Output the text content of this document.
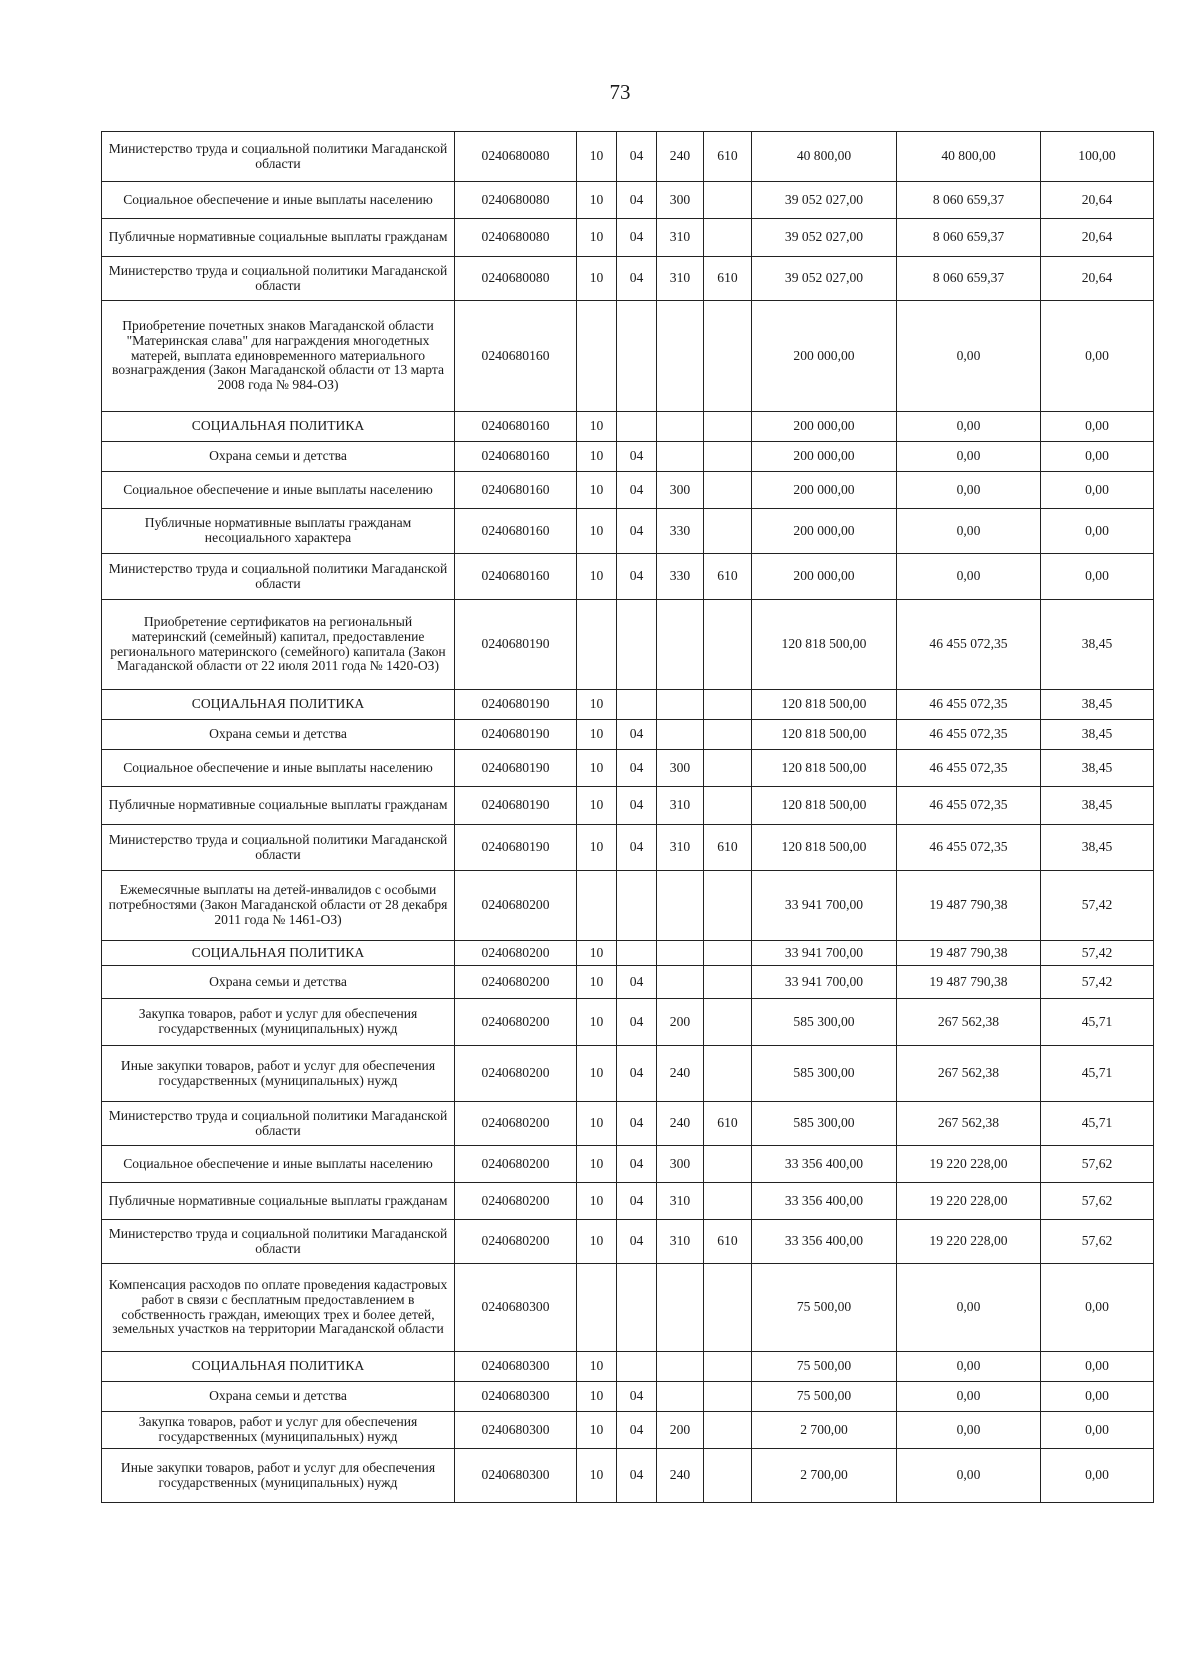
73
Министерство труда и социальной политики Магаданской области	0240680080	10	04	240	610	40 800,00	40 800,00	100,00
Социальное обеспечение и иные выплаты населению	0240680080	10	04	300		39 052 027,00	8 060 659,37	20,64
Публичные нормативные социальные выплаты гражданам	0240680080	10	04	310		39 052 027,00	8 060 659,37	20,64
Министерство труда и социальной политики Магаданской области	0240680080	10	04	310	610	39 052 027,00	8 060 659,37	20,64
Приобретение почетных знаков Магаданской области "Материнская слава" для награждения многодетных матерей, выплата единовременного материального вознаграждения (Закон Магаданской области от 13 марта 2008 года № 984-ОЗ)	0240680160					200 000,00	0,00	0,00
СОЦИАЛЬНАЯ ПОЛИТИКА	0240680160	10				200 000,00	0,00	0,00
Охрана семьи и детства	0240680160	10	04			200 000,00	0,00	0,00
Социальное обеспечение и иные выплаты населению	0240680160	10	04	300		200 000,00	0,00	0,00
Публичные нормативные выплаты гражданам несоциального характера	0240680160	10	04	330		200 000,00	0,00	0,00
Министерство труда и социальной политики Магаданской области	0240680160	10	04	330	610	200 000,00	0,00	0,00
Приобретение сертификатов на региональный материнский (семейный) капитал, предоставление регионального материнского (семейного) капитала (Закон Магаданской области от 22 июля 2011 года № 1420-ОЗ)	0240680190					120 818 500,00	46 455 072,35	38,45
СОЦИАЛЬНАЯ ПОЛИТИКА	0240680190	10				120 818 500,00	46 455 072,35	38,45
Охрана семьи и детства	0240680190	10	04			120 818 500,00	46 455 072,35	38,45
Социальное обеспечение и иные выплаты населению	0240680190	10	04	300		120 818 500,00	46 455 072,35	38,45
Публичные нормативные социальные выплаты гражданам	0240680190	10	04	310		120 818 500,00	46 455 072,35	38,45
Министерство труда и социальной политики Магаданской области	0240680190	10	04	310	610	120 818 500,00	46 455 072,35	38,45
Ежемесячные выплаты на детей-инвалидов с особыми потребностями (Закон Магаданской области от 28 декабря 2011 года № 1461-ОЗ)	0240680200					33 941 700,00	19 487 790,38	57,42
СОЦИАЛЬНАЯ ПОЛИТИКА	0240680200	10				33 941 700,00	19 487 790,38	57,42
Охрана семьи и детства	0240680200	10	04			33 941 700,00	19 487 790,38	57,42
Закупка товаров, работ и услуг для обеспечения государственных (муниципальных) нужд	0240680200	10	04	200		585 300,00	267 562,38	45,71
Иные закупки товаров, работ и услуг для обеспечения государственных (муниципальных) нужд	0240680200	10	04	240		585 300,00	267 562,38	45,71
Министерство труда и социальной политики Магаданской области	0240680200	10	04	240	610	585 300,00	267 562,38	45,71
Социальное обеспечение и иные выплаты населению	0240680200	10	04	300		33 356 400,00	19 220 228,00	57,62
Публичные нормативные социальные выплаты гражданам	0240680200	10	04	310		33 356 400,00	19 220 228,00	57,62
Министерство труда и социальной политики Магаданской области	0240680200	10	04	310	610	33 356 400,00	19 220 228,00	57,62
Компенсация расходов по оплате проведения кадастровых работ в связи с бесплатным предоставлением в собственность граждан, имеющих трех и более детей, земельных участков на территории Магаданской области	0240680300					75 500,00	0,00	0,00
СОЦИАЛЬНАЯ ПОЛИТИКА	0240680300	10				75 500,00	0,00	0,00
Охрана семьи и детства	0240680300	10	04			75 500,00	0,00	0,00
Закупка товаров, работ и услуг для обеспечения государственных (муниципальных) нужд	0240680300	10	04	200		2 700,00	0,00	0,00
Иные закупки товаров, работ и услуг для обеспечения государственных (муниципальных) нужд	0240680300	10	04	240		2 700,00	0,00	0,00
